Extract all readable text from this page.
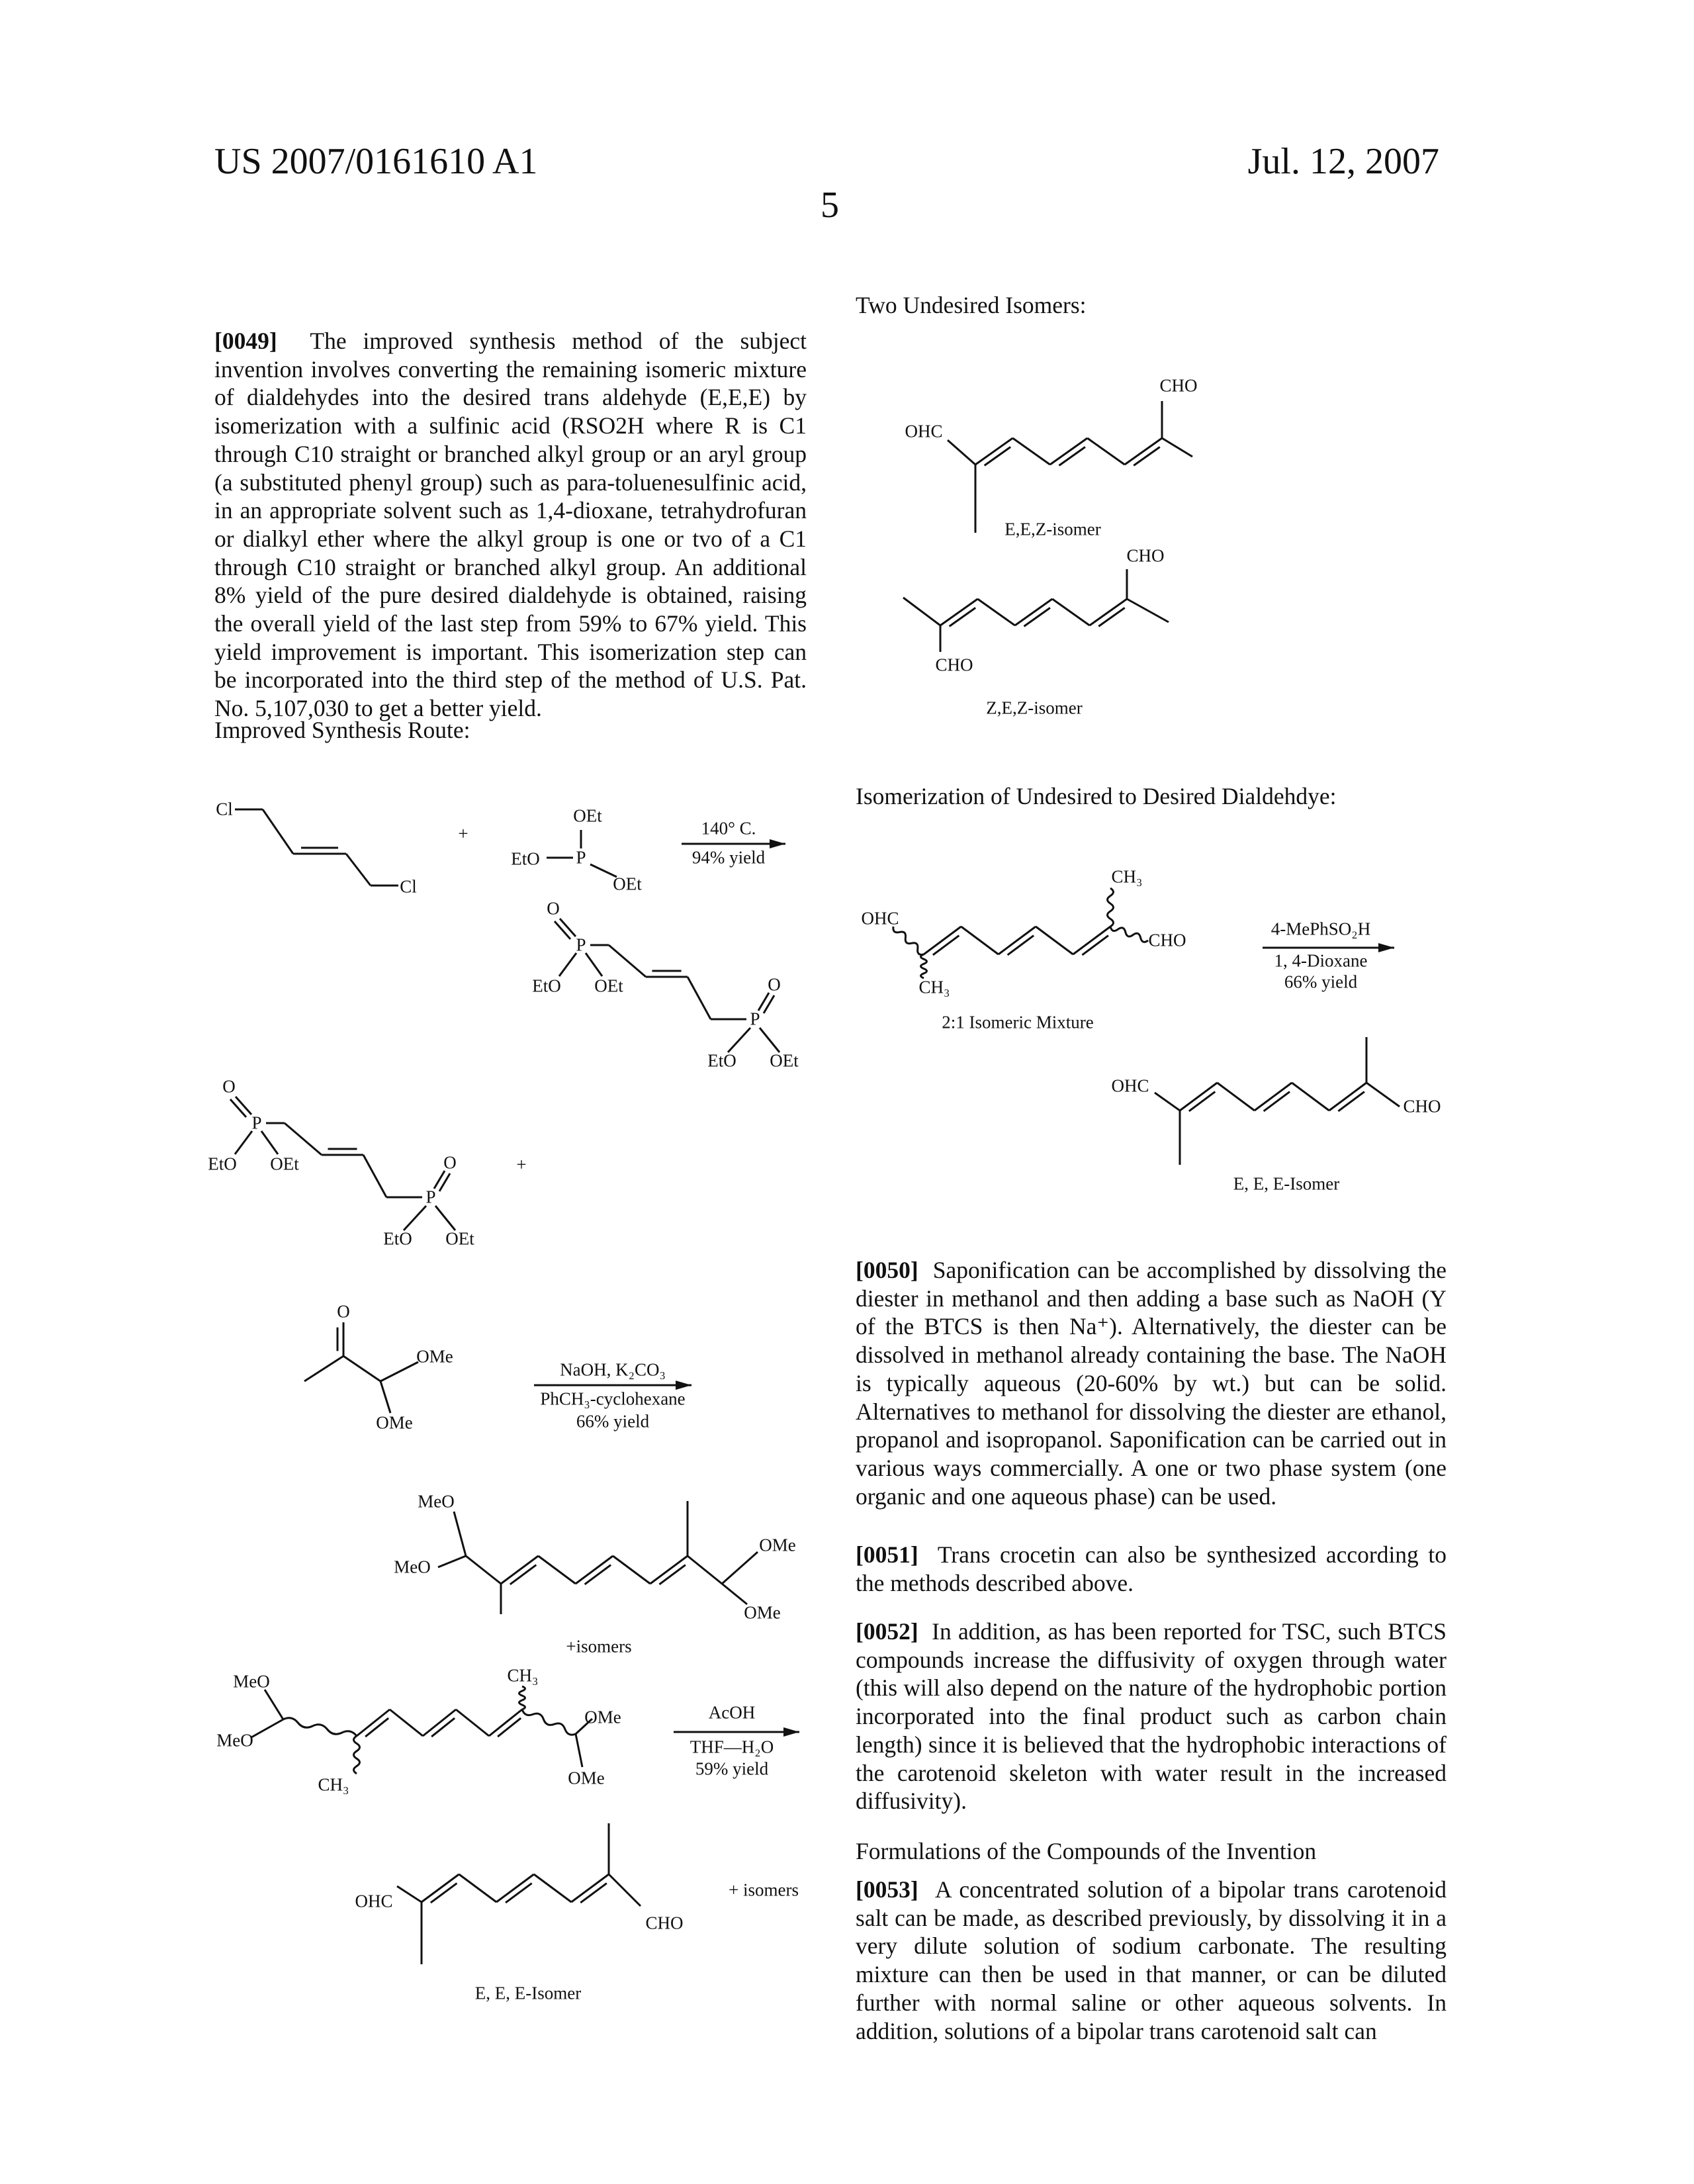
US 2007/0161610 A1	Jul. 12, 2007
5
[0049] The improved synthesis method of the subject invention involves converting the remaining isomeric mixture of dialdehydes into the desired trans aldehyde (E,E,E) by isomerization with a sulfinic acid (RSO2H where R is C1 through C10 straight or branched alkyl group or an aryl group (a substituted phenyl group) such as para-toluenesulfinic acid, in an appropriate solvent such as 1,4-dioxane, tetrahydrofuran or dialkyl ether where the alkyl group is one or tvo of a C1 through C10 straight or branched alkyl group. An additional 8% yield of the pure desired dialdehyde is obtained, raising the overall yield of the last step from 59% to 67% yield. This yield improvement is important. This isomerization step can be incorporated into the third step of the method of U.S. Pat. No. 5,107,030 to get a better yield.
Improved Synthesis Route:
Two Undesired Isomers:
Isomerization of Undesired to Desired Dialdehdye:
[0050] Saponification can be accomplished by dissolving the diester in methanol and then adding a base such as NaOH (Y of the BTCS is then Na⁺). Alternatively, the diester can be dissolved in methanol already containing the base. The NaOH is typically aqueous (20-60% by wt.) but can be solid. Alternatives to methanol for dissolving the diester are ethanol, propanol and isopropanol. Saponification can be carried out in various ways commercially. A one or two phase system (one organic and one aqueous phase) can be used.
[0051] Trans crocetin can also be synthesized according to the methods described above.
[0052] In addition, as has been reported for TSC, such BTCS compounds increase the diffusivity of oxygen through water (this will also depend on the nature of the hydrophobic portion incorporated into the final product such as carbon chain length) since it is believed that the hydrophobic interactions of the carotenoid skeleton with water result in the increased diffusivity).
Formulations of the Compounds of the Invention
[0053] A concentrated solution of a bipolar trans carotenoid salt can be made, as described previously, by dissolving it in a very dilute solution of sodium carbonate. The resulting mixture can then be used in that manner, or can be diluted further with normal saline or other aqueous solvents. In addition, solutions of a bipolar trans carotenoid salt can
Cl
Cl
+
OEt
P
EtO
OEt
140° C.
94% yield
O
P
EtO OEt	O
P
EtO OEt
O
P
EtO OEt	O
P
EtO OEt
+
O
OMe
OMe
NaOH, K₂CO₃
PhCH₃-cyclohexane
66% yield
MeO
MeO
OMe
OMe
+isomers
MeO
MeO
CH₃
OMe
OMe
CH₃
AcOH
THF—H₂O
59% yield
OHC
CHO
+ isomers
E, E, E-Isomer
OHC
CHO
E,E,Z-isomer
CHO
CHO
Z,E,Z-isomer
OHC
CH₃
CHO
CH₃
2:1 Isomeric Mixture
4-MePhSO₂H
1, 4-Dioxane
66% yield
OHC
CHO
E, E, E-Isomer
